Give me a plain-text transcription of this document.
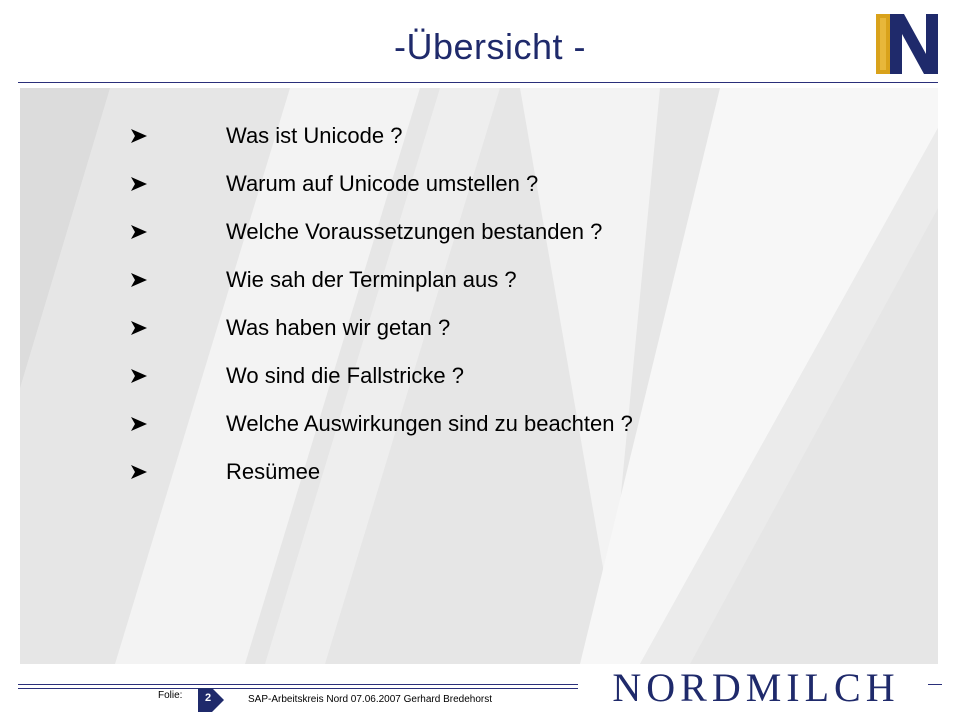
-Übersicht -
Was ist Unicode ?
Warum auf Unicode umstellen ?
Welche Voraussetzungen bestanden ?
Wie sah der Terminplan aus ?
Was haben wir getan ?
Wo sind die Fallstricke ?
Welche Auswirkungen sind zu beachten ?
Resümee
Folie:	2	SAP-Arbeitskreis Nord 07.06.2007 Gerhard Bredehorst	NORDMILCH
